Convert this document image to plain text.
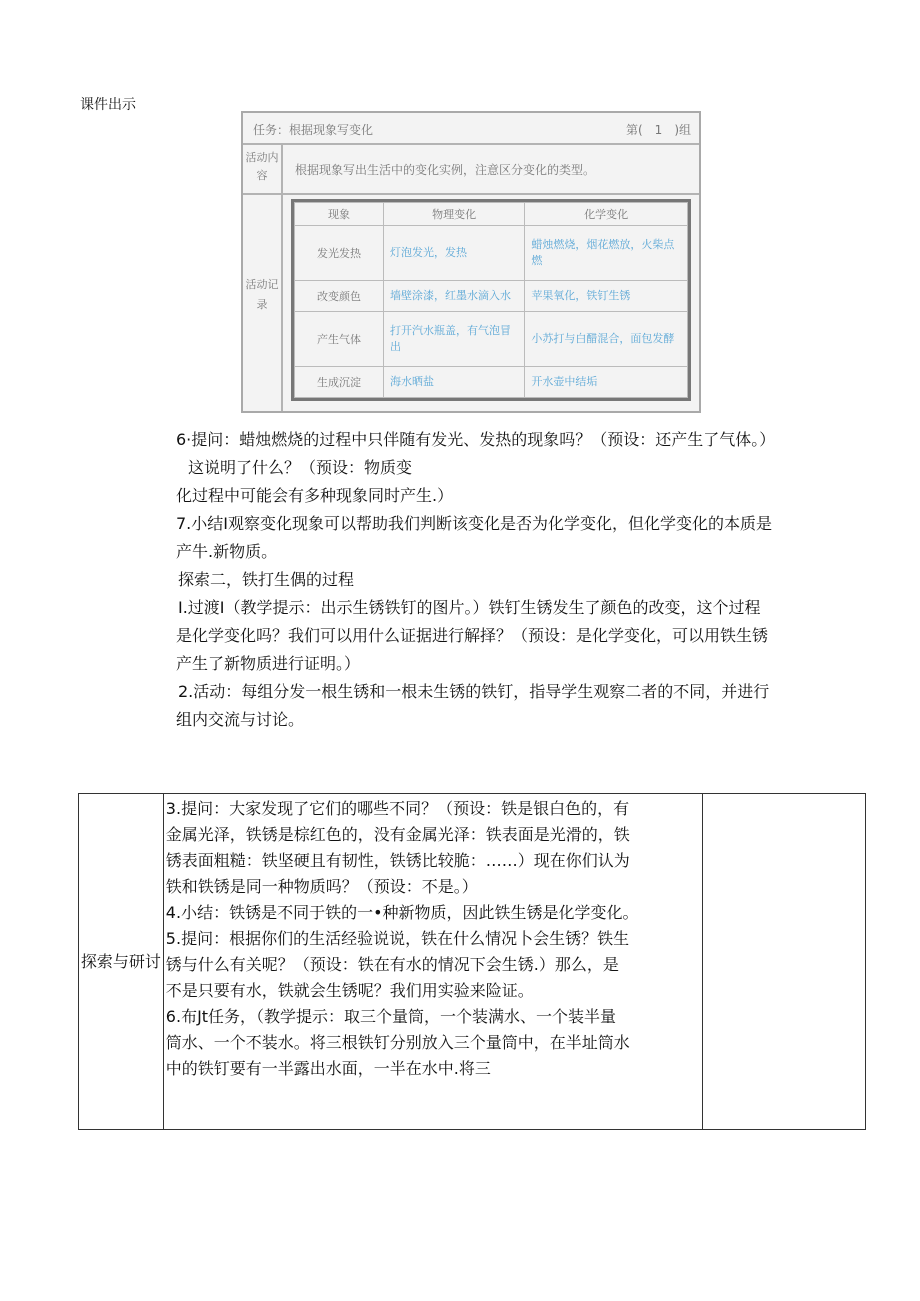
课件出示
任务：根据现象写变化	第(　1　)组
活动内容	根据现象写出生活中的变化实例，注意区分变化的类型。
活动记录
现象	物理变化	化学变化
发光发热	灯泡发光，发热	蜡烛燃烧，烟花燃放，火柴点燃
改变颜色	墙壁涂漆，红墨水滴入水	苹果氧化，铁钉生锈
产生气体	打开汽水瓶盖，有气泡冒出	小苏打与白醋混合，面包发酵
生成沉淀	海水晒盐	开水壶中结垢
6·提问：蜡烛燃烧的过程中只伴随有发光、发热的现象吗？（预设：还产生了气体。）
这说明了什么？（预设：物质变
化过程中可能会有多种现象同时产生.）
7.小结I观察变化现象可以帮助我们判断该变化是否为化学变化，但化学变化的本质是
产牛.新物质。
探索二，铁打生偶的过程
I.过渡I（教学提示：出示生锈铁钉的图片。）铁钉生锈发生了颜色的改变，这个过程
是化学变化吗？我们可以用什么证据进行解择？（预设：是化学变化，可以用铁生锈
产生了新物质进行证明。）
2.活动：每组分发一根生锈和一根未生锈的铁钉，指导学生观察二者的不同，并进行
组内交流与讨论。
探索与研讨	
3.提问：大家发现了它们的哪些不同？（预设：铁是银白色的，有
金属光泽，铁锈是棕红色的，没有金属光泽：铁表面是光滑的，铁
锈表面粗糙：铁坚硬且有韧性，铁锈比较脆：……）现在你们认为
铁和铁锈是同一种物质吗？（预设：不是。）
4.小结：铁锈是不同于铁的一•种新物质，因此铁生锈是化学变化。
5.提问：根据你们的生活经验说说，铁在什么情况卜会生锈？铁生
锈与什么有关呢？（预设：铁在有水的情况下会生锈.）那么，是
不是只要有水，铁就会生锈呢？我们用实验来险证。
6.布Jt任务，（教学提示：取三个量筒，一个装满水、一个装半量
筒水、一个不装水。将三根铁钉分别放入三个量筒中，在半址筒水
中的铁钉要有一半露出水面，一半在水中.将三
